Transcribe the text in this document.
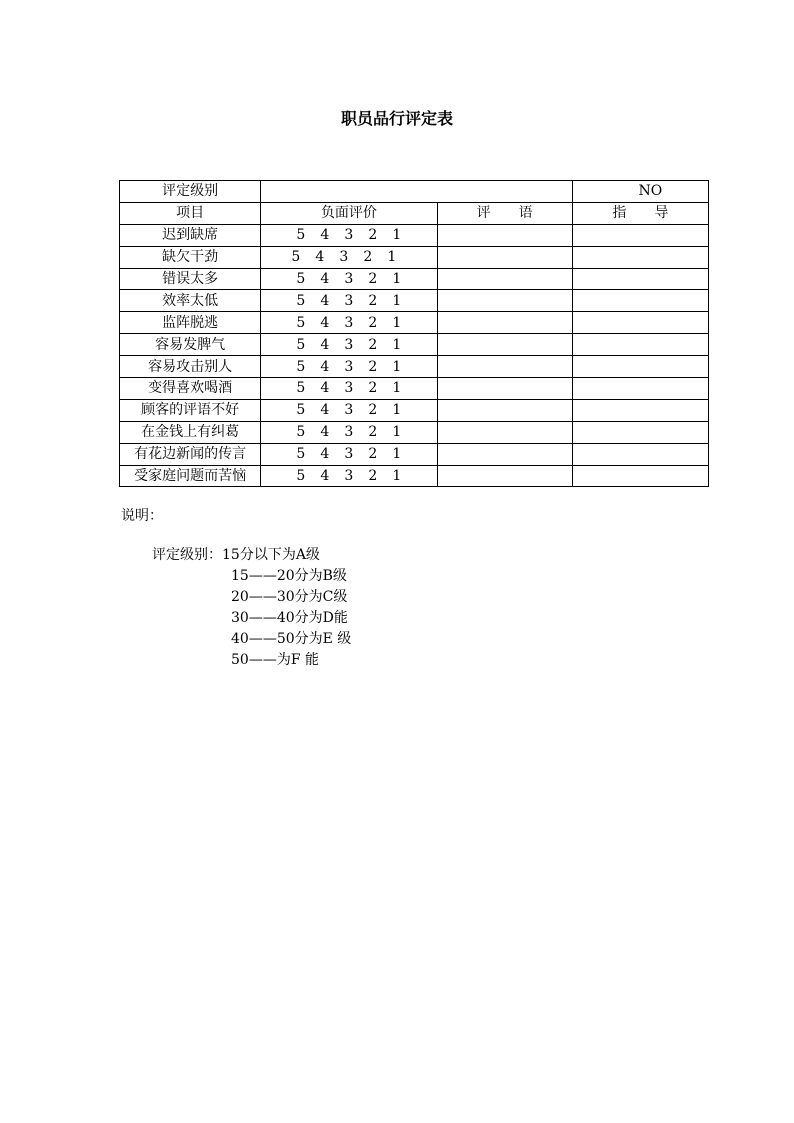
职员品行评定表
评定级别			NO
项目	负面评价	评　　语	指　　导
迟到缺席	5 4 3 2 1		
缺欠干劲	5 4 3 2 1		
错误太多	5 4 3 2 1		
效率太低	5 4 3 2 1		
监阵脱逃	5 4 3 2 1		
容易发脾气	5 4 3 2 1		
容易攻击别人	5 4 3 2 1		
变得喜欢喝酒	5 4 3 2 1		
顾客的评语不好	5 4 3 2 1		
在金钱上有纠葛	5 4 3 2 1		
有花边新闻的传言	5 4 3 2 1		
受家庭问题而苦恼	5 4 3 2 1		
说明：
评定级别：15分以下为A级
15——20分为B级
20——30分为C级
30——40分为D能
40——50分为E 级
50——为F 能
